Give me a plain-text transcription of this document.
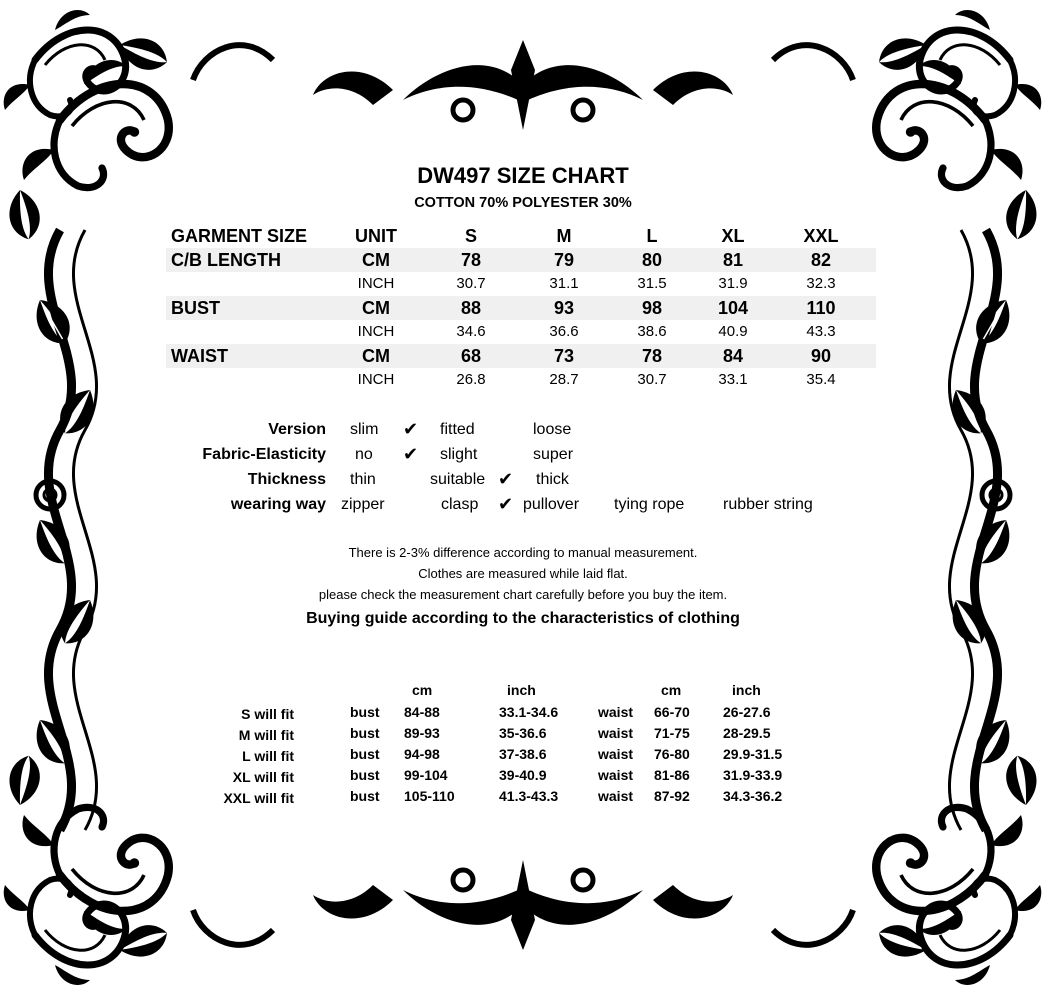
DW497 SIZE CHART
COTTON 70% POLYESTER 30%
GARMENT SIZE	UNIT	S	M	L	XL	XXL
C/B LENGTH	CM	78	79	80	81	82
INCH	30.7	31.1	31.5	31.9	32.3
BUST	CM	88	93	98	104	110
INCH	34.6	36.6	38.6	40.9	43.3
WAIST	CM	68	73	78	84	90
INCH	26.8	28.7	30.7	33.1	35.4
Version slim ✔ fitted	loose
Fabric-Elasticity no ✔ slight	super
Thickness thin	suitable ✔ thick
wearing way zipper	clasp ✔ pullover tying rope rubber string
There is 2-3% difference according to manual measurement.
Clothes are measured while laid flat.
please check the measurement chart carefully before you buy the item.
Buying guide according to the characteristics of clothing
cm	inch	cm	inch
S will fit	bust 84-88	33.1-34.6	waist 66-70 26-27.6
M will fit	bust 89-93	35-36.6	waist 71-75 28-29.5
L will fit	bust 94-98	37-38.6	waist 76-80 29.9-31.5
XL will fit	bust 99-104	39-40.9	waist 81-86 31.9-33.9
XXL will fit	bust 105-110	41.3-43.3	waist 87-92 34.3-36.2
